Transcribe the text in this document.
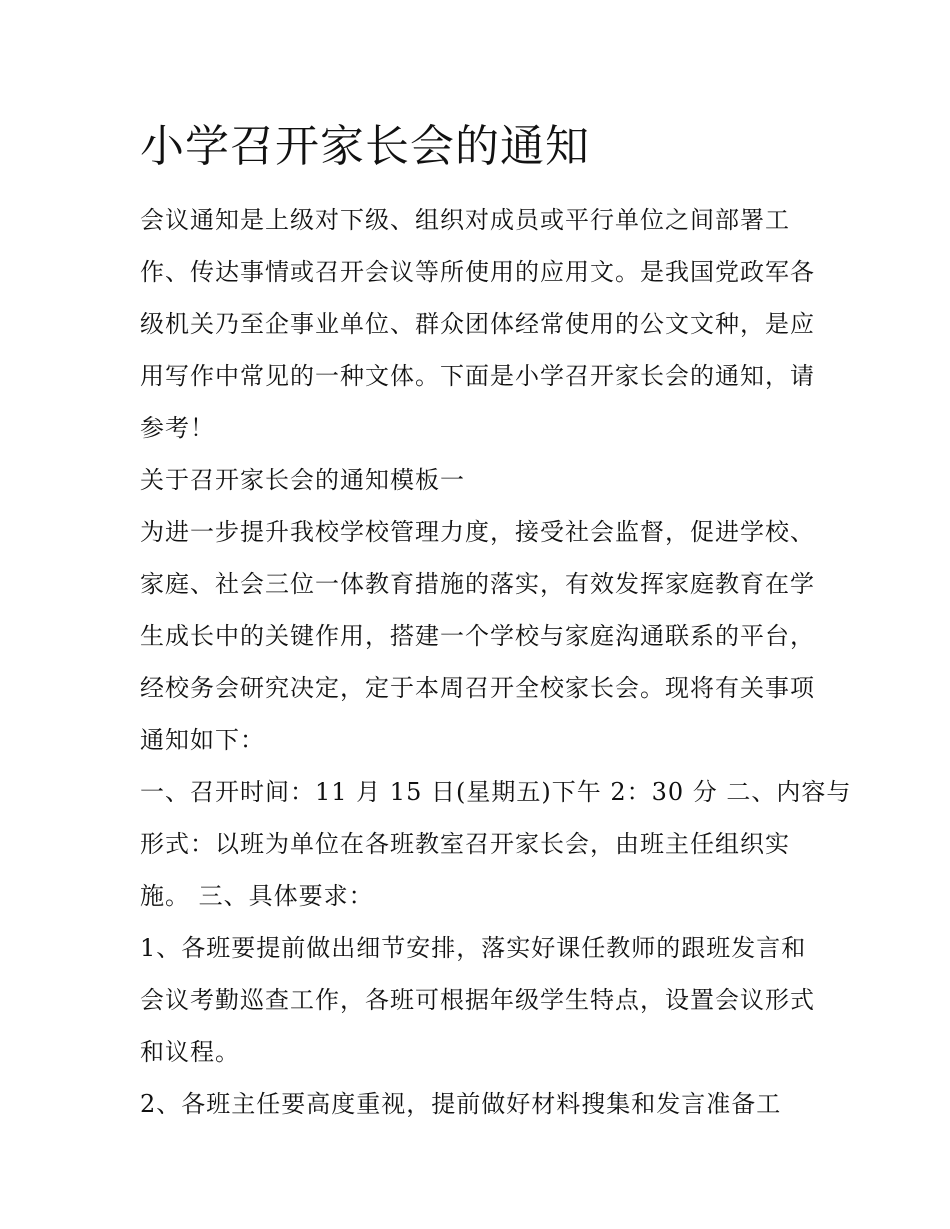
小学召开家长会的通知
会议通知是上级对下级、组织对成员或平行单位之间部署工
作、传达事情或召开会议等所使用的应用文。是我国党政军各
级机关乃至企事业单位、群众团体经常使用的公文文种，是应
用写作中常见的一种文体。下面是小学召开家长会的通知，请
参考！
关于召开家长会的通知模板一
为进一步提升我校学校管理力度，接受社会监督，促进学校、
家庭、社会三位一体教育措施的落实，有效发挥家庭教育在学
生成长中的关键作用，搭建一个学校与家庭沟通联系的平台，
经校务会研究决定，定于本周召开全校家长会。现将有关事项
通知如下：
一、召开时间：11 月 15 日(星期五)下午 2：30 分 二、内容与
形式：以班为单位在各班教室召开家长会，由班主任组织实
施。 三、具体要求：
1、各班要提前做出细节安排，落实好课任教师的跟班发言和
会议考勤巡查工作，各班可根据年级学生特点，设置会议形式
和议程。
2、各班主任要高度重视，提前做好材料搜集和发言准备工
